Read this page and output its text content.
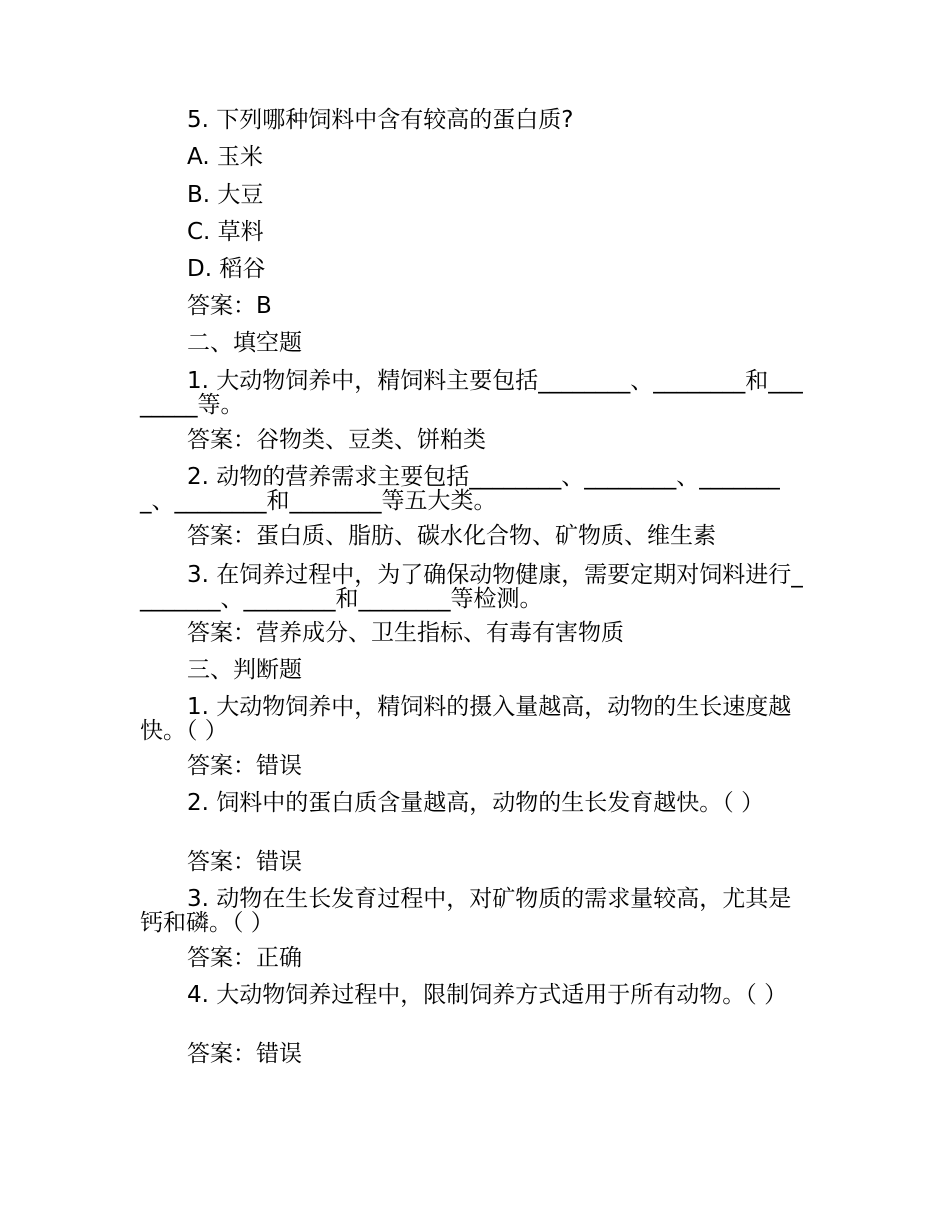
5. 下列哪种饲料中含有较高的蛋白质?
A. 玉米
B. 大豆
C. 草料
D. 稻谷
答案：B
二、填空题
1. 大动物饲养中，精饲料主要包括________、________和________等。
答案：谷物类、豆类、饼粕类
2. 动物的营养需求主要包括________、________、________、________和________等五大类。
答案：蛋白质、脂肪、碳水化合物、矿物质、维生素
3. 在饲养过程中，为了确保动物健康，需要定期对饲料进行________、________和________等检测。
答案：营养成分、卫生指标、有毒有害物质
三、判断题
1. 大动物饲养中，精饲料的摄入量越高，动物的生长速度越快。（ ）
答案：错误
2. 饲料中的蛋白质含量越高，动物的生长发育越快。（ ）
答案：错误
3. 动物在生长发育过程中，对矿物质的需求量较高，尤其是钙和磷。（ ）
答案：正确
4. 大动物饲养过程中，限制饲养方式适用于所有动物。（ ）
答案：错误
